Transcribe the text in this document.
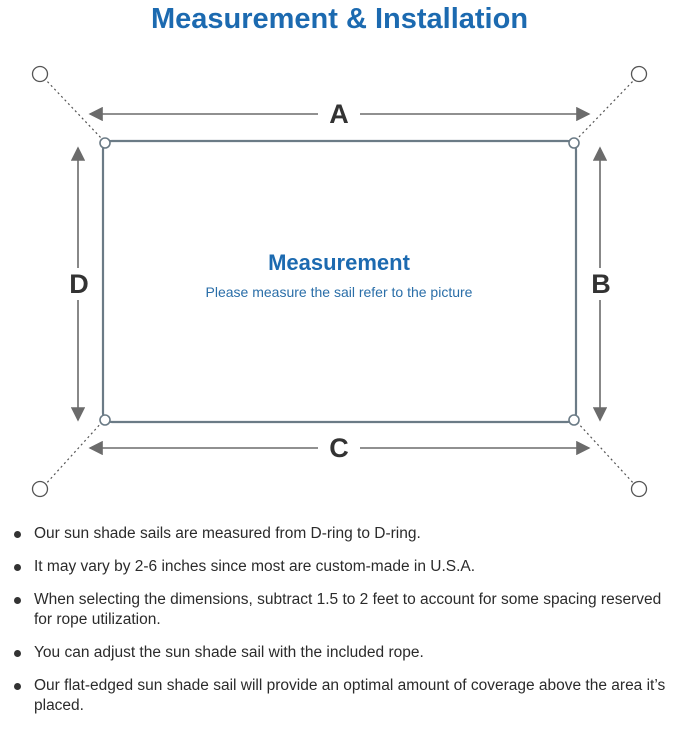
Measurement & Installation
A
C
D	B
Measurement
Please measure the sail refer to the picture
Our sun shade sails are measured from D-ring to D-ring.
It may vary by 2-6 inches since most are custom-made in U.S.A.
When selecting the dimensions, subtract 1.5 to 2 feet to account for some spacing reserved for rope utilization.
You can adjust the sun shade sail with the included rope.
Our flat-edged sun shade sail will provide an optimal amount of coverage above the area it’s placed.
